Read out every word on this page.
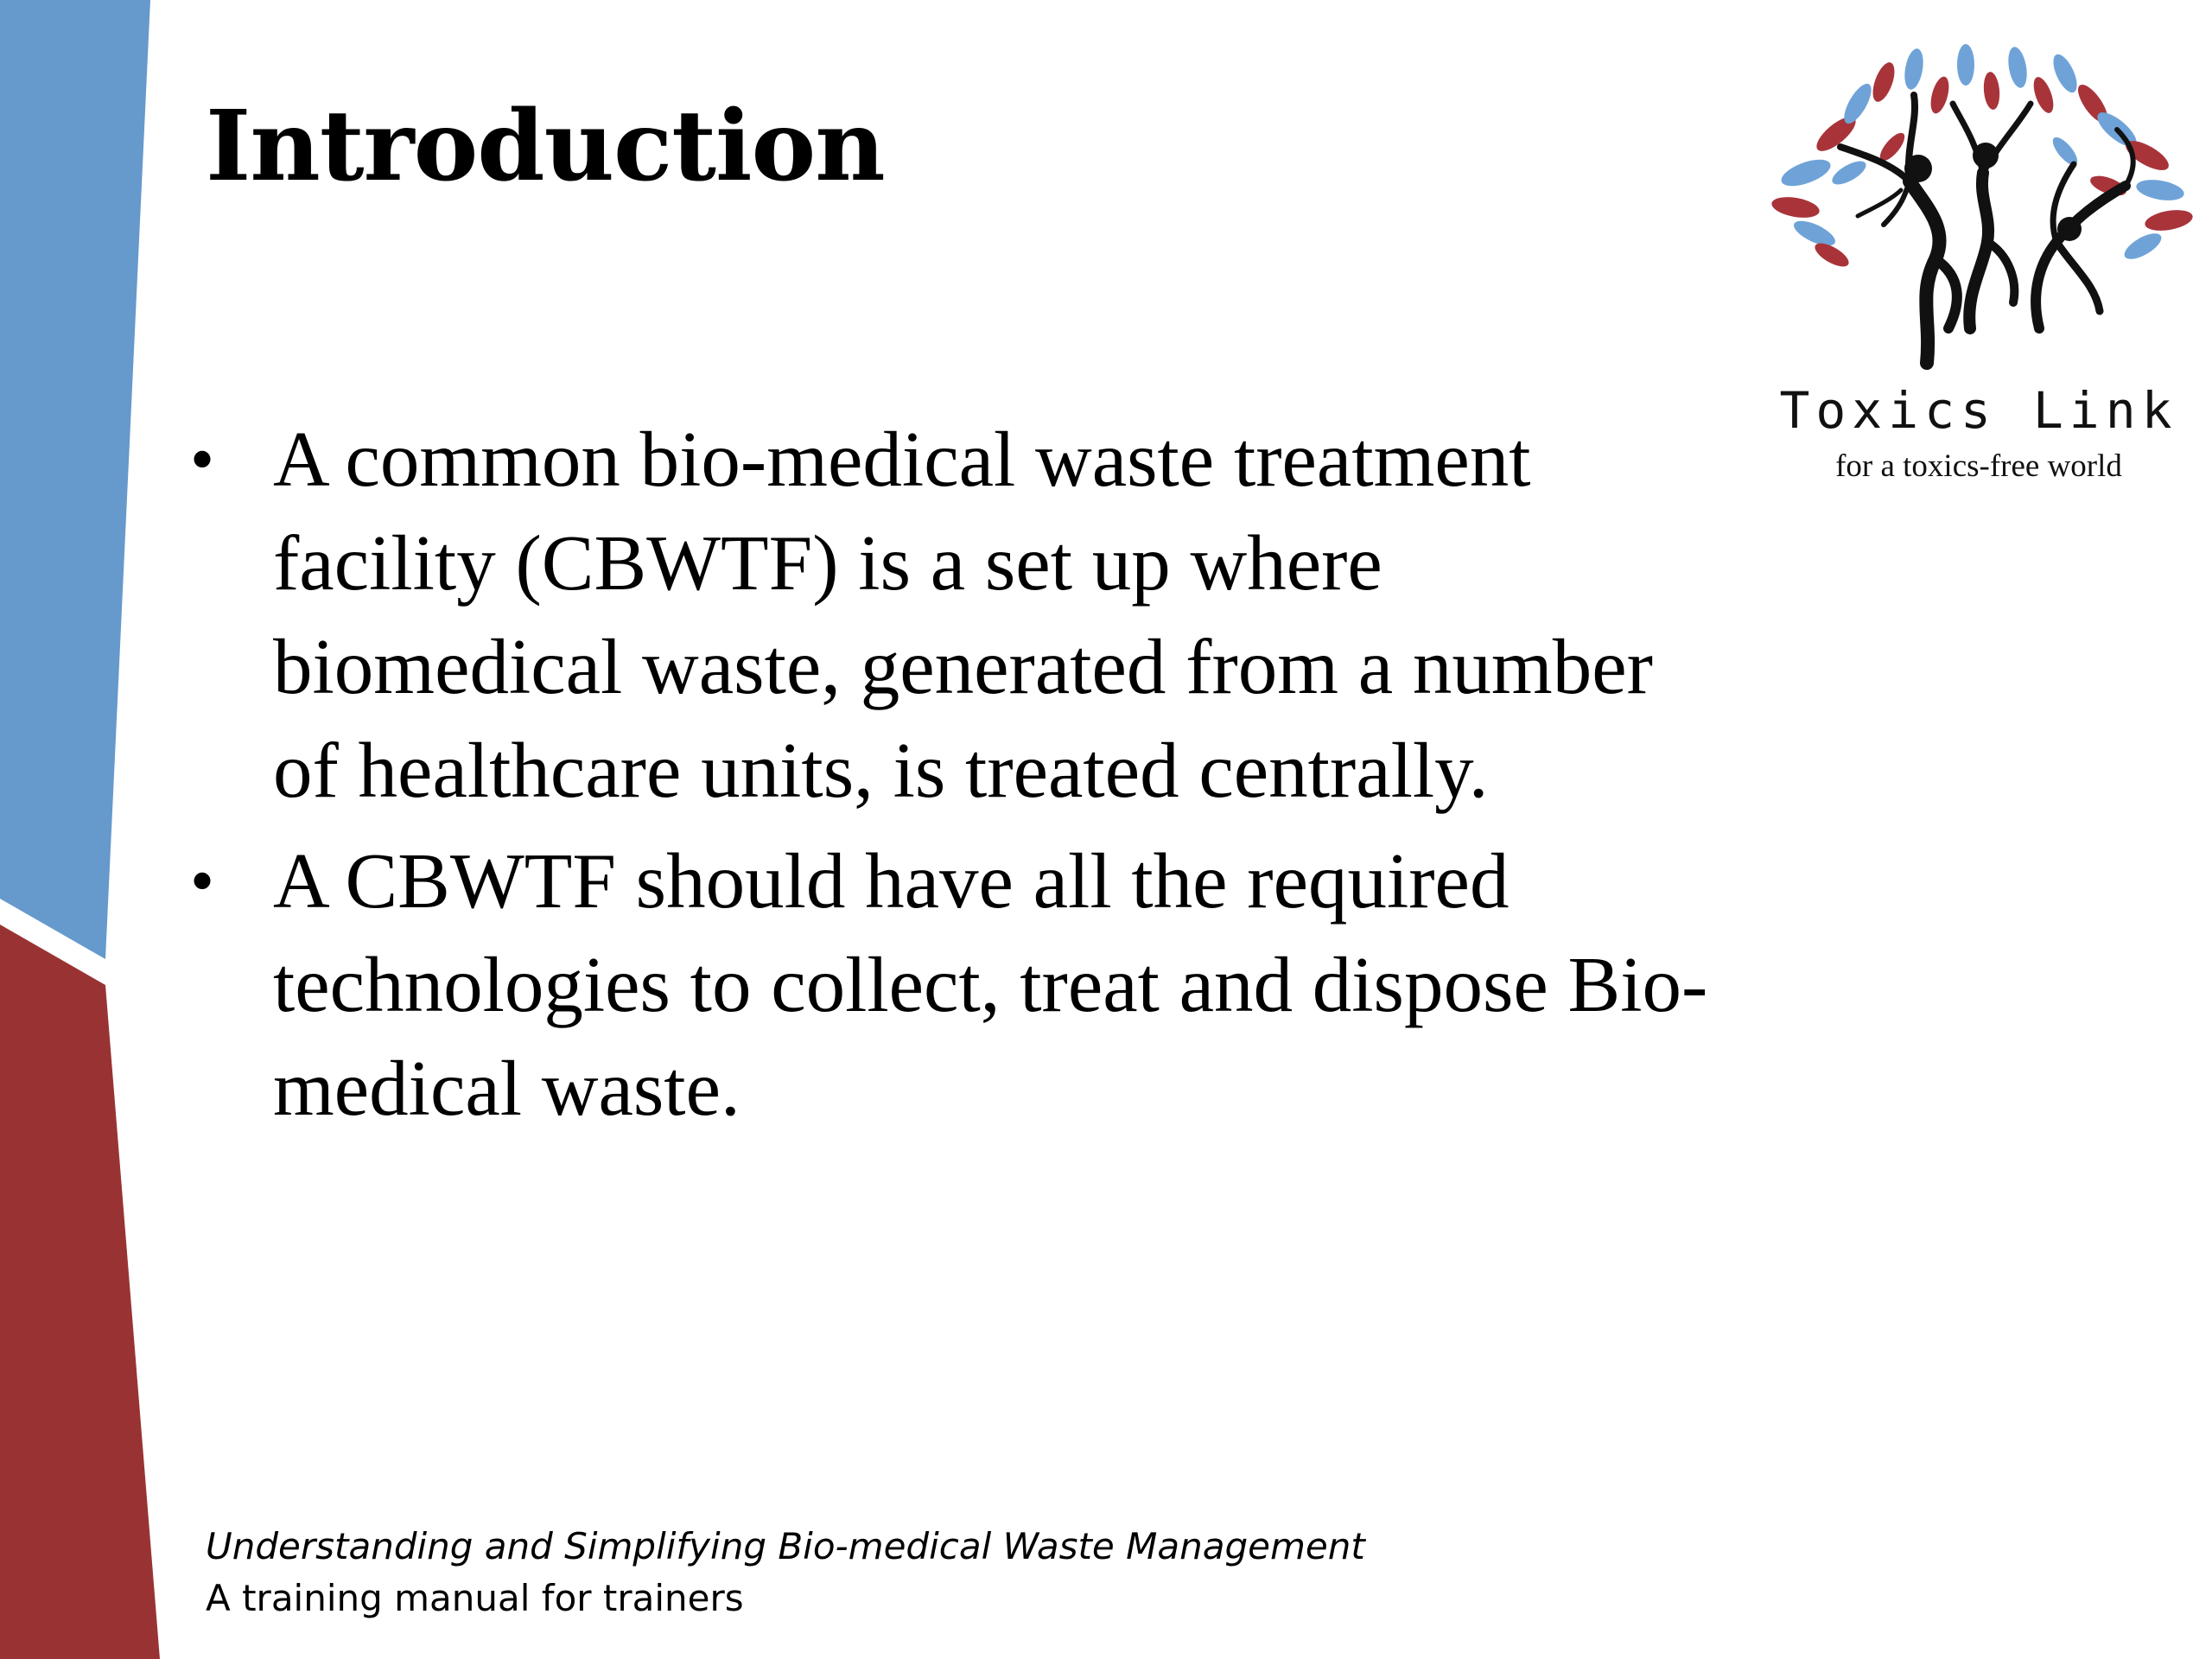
Introduction
• A common bio-medical waste treatment facility (CBWTF) is a set up where biomedical waste, generated from a number of healthcare units, is treated centrally.
• A CBWTF should have all the required technologies to collect, treat and dispose Bio- medical waste.
Toxics Link
for a toxics-free world
Understanding and Simplifying Bio-medical Waste Management
A training manual for trainers
